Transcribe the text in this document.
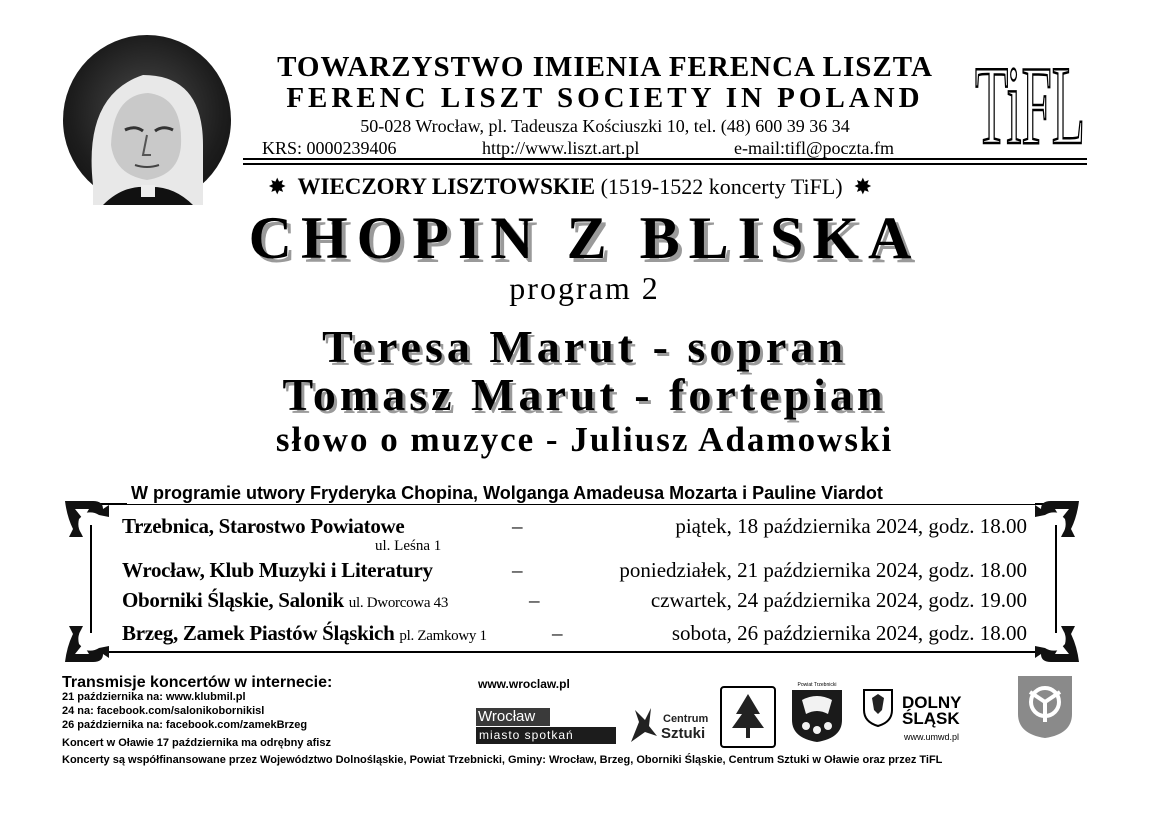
TOWARZYSTWO IMIENIA FERENCA LISZTA
FERENC LISZT SOCIETY IN POLAND
50-028 Wrocław, pl. Tadeusza Kościuszki 10, tel. (48) 600 39 36 34
KRS: 0000239406	http://www.liszt.art.pl	e-mail:tifl@poczta.fm TiFL
✸ WIECZORY LISZTOWSKIE (1519-1522 koncerty TiFL) ✸
CHOPIN Z BLISKA
program 2
Teresa Marut - sopran
Tomasz Marut - fortepian
słowo o muzyce - Juliusz Adamowski
W programie utwory Fryderyka Chopina, Wolganga Amadeusa Mozarta i Pauline Viardot
Trzebnica, Starostwo Powiatowe	–	piątek, 18 października 2024, godz. 18.00
ul. Leśna 1
Wrocław, Klub Muzyki i Literatury	–	poniedziałek, 21 października 2024, godz. 18.00
Oborniki Śląskie, Salonik ul. Dworcowa 43	–	czwartek, 24 października 2024, godz. 19.00
Brzeg, Zamek Piastów Śląskich pl. Zamkowy 1	–	sobota, 26 października 2024, godz. 18.00
Transmisje koncertów w internecie:
21 października na: www.klubmil.pl
24 na: facebook.com/salonikobornikisl
26 października na: facebook.com/zamekBrzeg
Koncert w Oławie 17 października ma odrębny afisz
www.wroclaw.pl
Wrocław
miasto spotkań
Centrum
Sztuki
Powiat Trzebnicki
DOLNY
ŚLĄSK
www.umwd.pl
Koncerty są współfinansowane przez Województwo Dolnośląskie, Powiat Trzebnicki, Gminy: Wrocław, Brzeg, Oborniki Śląskie, Centrum Sztuki w Oławie oraz przez TiFL
